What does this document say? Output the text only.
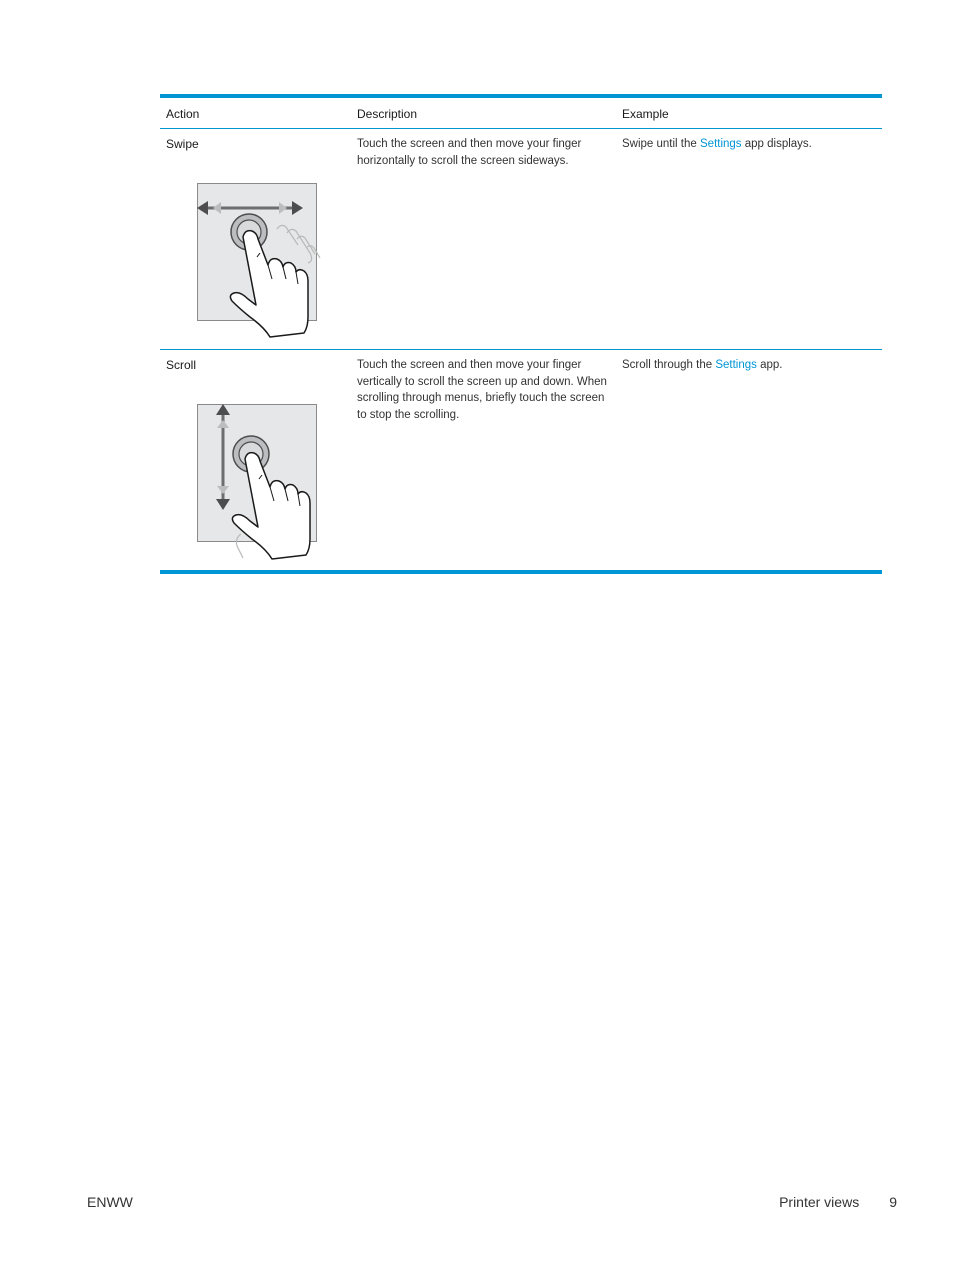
Action	Description	Example

Swipe	Touch the screen and then move your finger horizontally to scroll the screen sideways.	Swipe until the Settings app displays.

Scroll	Touch the screen and then move your finger vertically to scroll the screen up and down. When scrolling through menus, briefly touch the screen to stop the scrolling.	Scroll through the Settings app.
ENWW	Printer views 9
